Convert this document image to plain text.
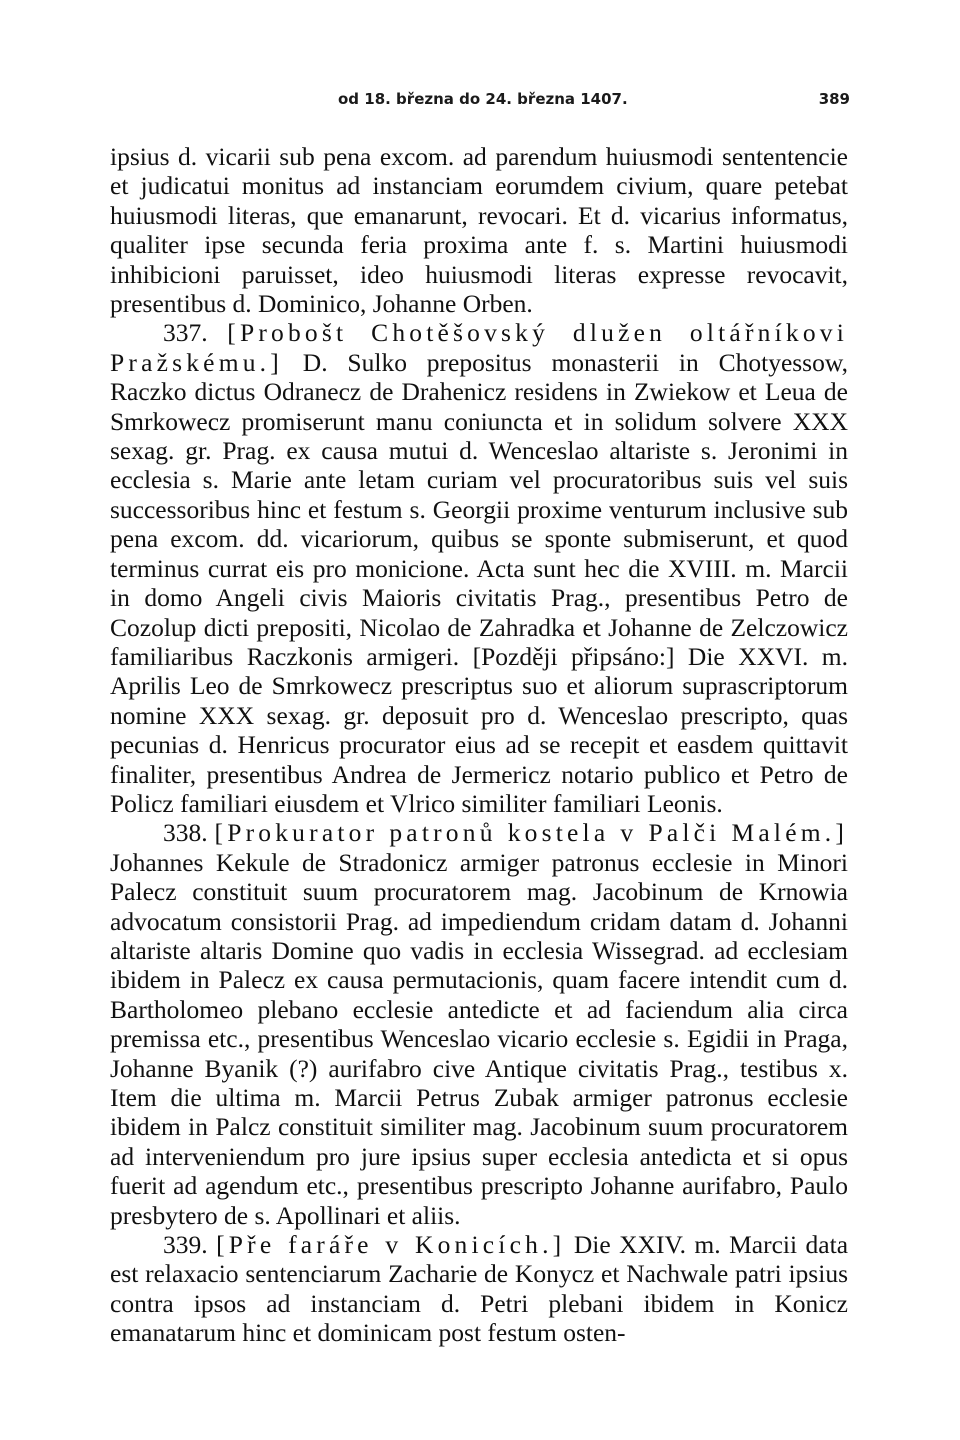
od 18. března do 24. března 1407.	389

ipsius d. vicarii sub pena excom. ad parendum huiusmodi sententencie et judicatui monitus ad instanciam eorumdem civium, quare petebat huiusmodi literas, que emanarunt, revocari. Et d. vicarius informatus, qualiter ipse secunda feria proxima ante f. s. Martini huiusmodi inhibicioni paruisset, ideo huiusmodi literas expresse revocavit, presentibus d. Dominico, Johanne Orben.

337. [Probošt Chotěšovský dlužen oltářníkovi Pražskému.] D. Sulko prepositus monasterii in Chotyessow, Raczko dictus Odranecz de Drahenicz residens in Zwiekow et Leua de Smrkowecz promiserunt manu coniuncta et in solidum solvere XXX sexag. gr. Prag. ex causa mutui d. Wenceslao altariste s. Jeronimi in ecclesia s. Marie ante letam curiam vel procuratoribus suis vel suis successoribus hinc et festum s. Georgii proxime venturum inclusive sub pena excom. dd. vicariorum, quibus se sponte submiserunt, et quod terminus currat eis pro monicione. Acta sunt hec die XVIII. m. Marcii in domo Angeli civis Maioris civitatis Prag., presentibus Petro de Cozolup dicti prepositi, Nicolao de Zahradka et Johanne de Zelczowicz familiaribus Raczkonis armigeri. [Později připsáno:] Die XXVI. m. Aprilis Leo de Smrkowecz prescriptus suo et aliorum suprascriptorum nomine XXX sexag. gr. deposuit pro d. Wenceslao prescripto, quas pecunias d. Henricus procurator eius ad se recepit et easdem quittavit finaliter, presentibus Andrea de Jermericz notario publico et Petro de Policz familiari eiusdem et Vlrico similiter familiari Leonis.

338. [Prokurator patronů kostela v Palči Malém.] Johannes Kekule de Stradonicz armiger patronus ecclesie in Minori Palecz constituit suum procuratorem mag. Jacobinum de Krnowia advocatum consistorii Prag. ad impediendum cridam datam d. Johanni altariste altaris Domine quo vadis in ecclesia Wissegrad. ad ecclesiam ibidem in Palecz ex causa permutacionis, quam facere intendit cum d. Bartholomeo plebano ecclesie antedicte et ad faciendum alia circa premissa etc., presentibus Wenceslao vicario ecclesie s. Egidii in Praga, Johanne Byanik (?) aurifabro cive Antique civitatis Prag., testibus x. Item die ultima m. Marcii Petrus Zubak armiger patronus ecclesie ibidem in Palcz constituit similiter mag. Jacobinum suum procuratorem ad interveniendum pro jure ipsius super ecclesia antedicta et si opus fuerit ad agendum etc., presentibus prescripto Johanne aurifabro, Paulo presbytero de s. Apollinari et aliis.

339. [Pře faráře v Konicích.] Die XXIV. m. Marcii data est relaxacio sentenciarum Zacharie de Konycz et Nachwale patri ipsius contra ipsos ad instanciam d. Petri plebani ibidem in Konicz emanatarum hinc et dominicam post festum osten-
